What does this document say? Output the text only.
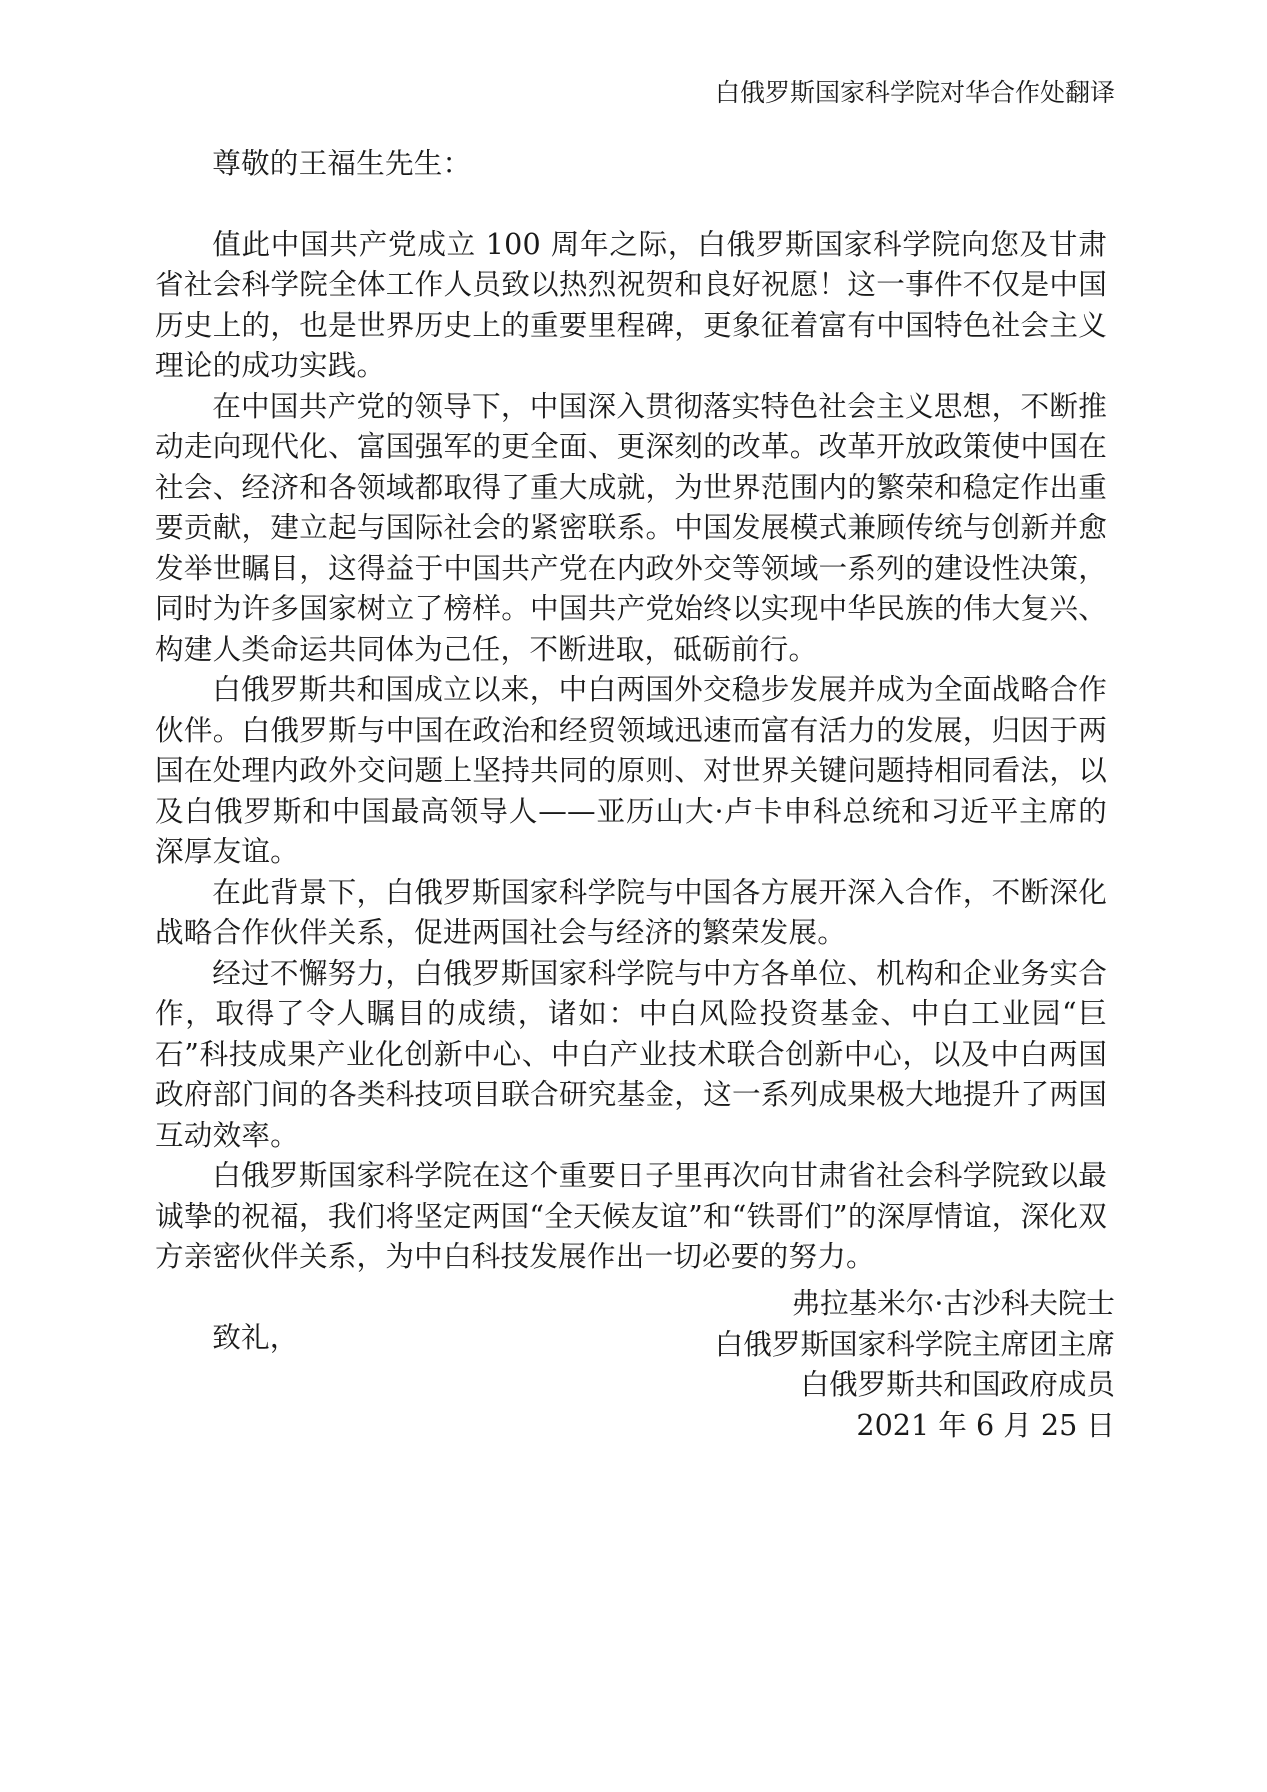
白俄罗斯国家科学院对华合作处翻译

尊敬的王福生先生：

值此中国共产党成立 100 周年之际，白俄罗斯国家科学院向您及甘肃省社会科学院全体工作人员致以热烈祝贺和良好祝愿！这一事件不仅是中国历史上的，也是世界历史上的重要里程碑，更象征着富有中国特色社会主义理论的成功实践。

在中国共产党的领导下，中国深入贯彻落实特色社会主义思想，不断推动走向现代化、富国强军的更全面、更深刻的改革。改革开放政策使中国在社会、经济和各领域都取得了重大成就，为世界范围内的繁荣和稳定作出重要贡献，建立起与国际社会的紧密联系。中国发展模式兼顾传统与创新并愈发举世瞩目，这得益于中国共产党在内政外交等领域一系列的建设性决策，同时为许多国家树立了榜样。中国共产党始终以实现中华民族的伟大复兴、构建人类命运共同体为己任，不断进取，砥砺前行。

白俄罗斯共和国成立以来，中白两国外交稳步发展并成为全面战略合作伙伴。白俄罗斯与中国在政治和经贸领域迅速而富有活力的发展，归因于两国在处理内政外交问题上坚持共同的原则、对世界关键问题持相同看法，以及白俄罗斯和中国最高领导人——亚历山大·卢卡申科总统和习近平主席的深厚友谊。

在此背景下，白俄罗斯国家科学院与中国各方展开深入合作，不断深化战略合作伙伴关系，促进两国社会与经济的繁荣发展。

经过不懈努力，白俄罗斯国家科学院与中方各单位、机构和企业务实合作，取得了令人瞩目的成绩，诸如：中白风险投资基金、中白工业园“巨石”科技成果产业化创新中心、中白产业技术联合创新中心，以及中白两国政府部门间的各类科技项目联合研究基金，这一系列成果极大地提升了两国互动效率。

白俄罗斯国家科学院在这个重要日子里再次向甘肃省社会科学院致以最诚挚的祝福，我们将坚定两国“全天候友谊”和“铁哥们”的深厚情谊，深化双方亲密伙伴关系，为中白科技发展作出一切必要的努力。

致礼，

弗拉基米尔·古沙科夫院士
白俄罗斯国家科学院主席团主席
白俄罗斯共和国政府成员
2021 年 6 月 25 日
